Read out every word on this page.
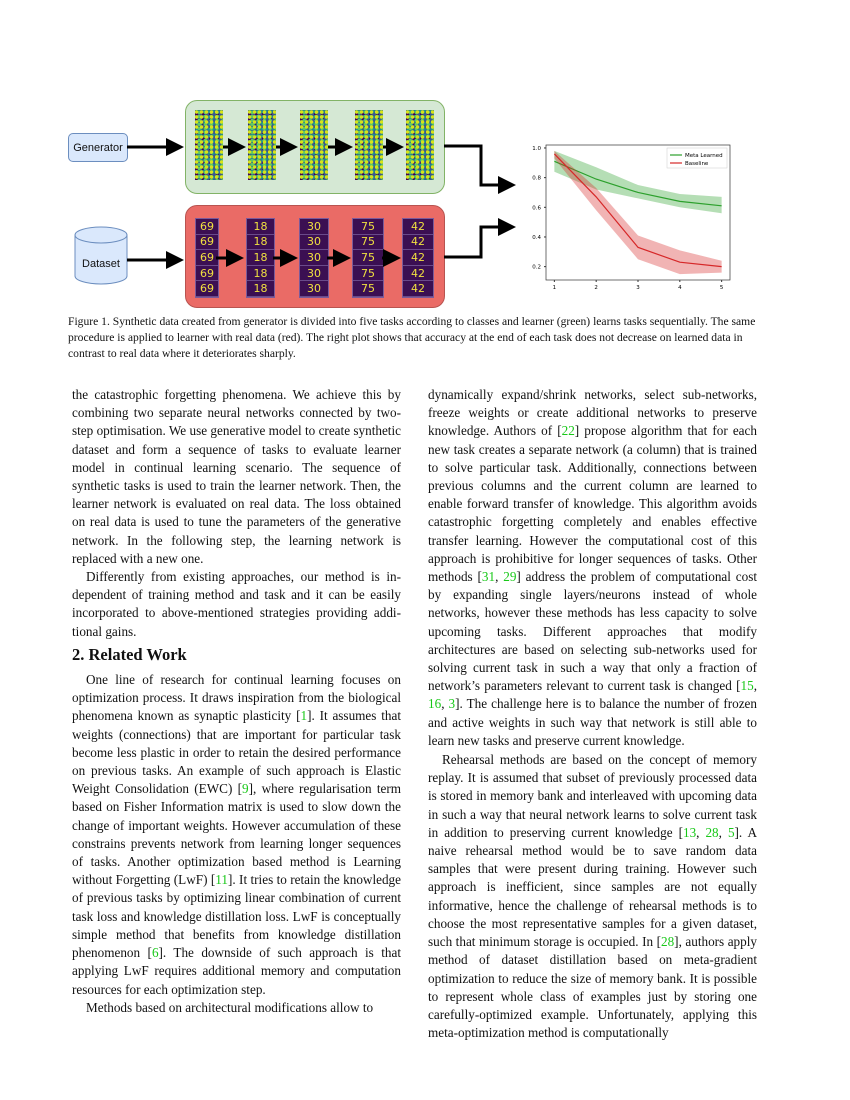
Generator
Dataset
69
69
69
69
69
18
18
18
18
18
30
30
30
30
30
75
75
75
75
75
42
42
42
42
42
0.2
0.4
0.6
0.8
1.0
1	2	3	4	5
Meta Learned
Baseline
Figure 1. Synthetic data created from generator is divided into five tasks according to classes and learner (green) learns tasks sequentially. The same procedure is applied to learner with real data (red). The right plot shows that accuracy at the end of each task does not decrease on learned data in contrast to real data where it deteriorates sharply.

the catastrophic forgetting phenomena. We achieve this by combining two separate neural networks connected by two-step optimisation. We use generative model to create synthetic dataset and form a sequence of tasks to evaluate learner model in continual learning scenario. The sequence of synthetic tasks is used to train the learner network. Then, the learner network is evaluated on real data. The loss obtained on real data is used to tune the parameters of the generative network. In the following step, the learning network is replaced with a new one.

Differently from existing approaches, our method is independent of training method and task and it can be easily incorporated to above-mentioned strategies providing additional gains.

2. Related Work

One line of research for continual learning focuses on optimization process. It draws inspiration from the biological phenomena known as synaptic plasticity [1]. It assumes that weights (connections) that are important for particular task become less plastic in order to retain the desired performance on previous tasks. An example of such approach is Elastic Weight Consolidation (EWC) [9], where regularisation term based on Fisher Information matrix is used to slow down the change of important weights. However accumulation of these constrains prevents network from learning longer sequences of tasks. Another optimization based method is Learning without Forgetting (LwF) [11]. It tries to retain the knowledge of previous tasks by optimizing linear combination of current task loss and knowledge distillation loss. LwF is conceptually simple method that benefits from knowledge distillation phenomenon [6]. The downside of such approach is that applying LwF requires additional memory and computation resources for each optimization step.

Methods based on architectural modifications allow to

dynamically expand/shrink networks, select sub-networks, freeze weights or create additional networks to preserve knowledge. Authors of [22] propose algorithm that for each new task creates a separate network (a column) that is trained to solve particular task. Additionally, connections between previous columns and the current column are learned to enable forward transfer of knowledge. This algorithm avoids catastrophic forgetting completely and enables effective transfer learning. However the computational cost of this approach is prohibitive for longer sequences of tasks. Other methods [31, 29] address the problem of computational cost by expanding single layers/neurons instead of whole networks, however these methods has less capacity to solve upcoming tasks. Different approaches that modify architectures are based on selecting sub-networks used for solving current task in such a way that only a fraction of network’s parameters relevant to current task is changed [15, 16, 3]. The challenge here is to balance the number of frozen and active weights in such way that network is still able to learn new tasks and preserve current knowledge.

Rehearsal methods are based on the concept of memory replay. It is assumed that subset of previously processed data is stored in memory bank and interleaved with upcoming data in such a way that neural network learns to solve current task in addition to preserving current knowledge [13, 28, 5]. A naive rehearsal method would be to save random data samples that were present during training. However such approach is inefficient, since samples are not equally informative, hence the challenge of rehearsal methods is to choose the most representative samples for a given dataset, such that minimum storage is occupied. In [28], authors apply method of dataset distillation based on meta-gradient optimization to reduce the size of memory bank. It is possible to represent whole class of examples just by storing one carefully-optimized example. Unfortunately, applying this meta-optimization method is computationally
